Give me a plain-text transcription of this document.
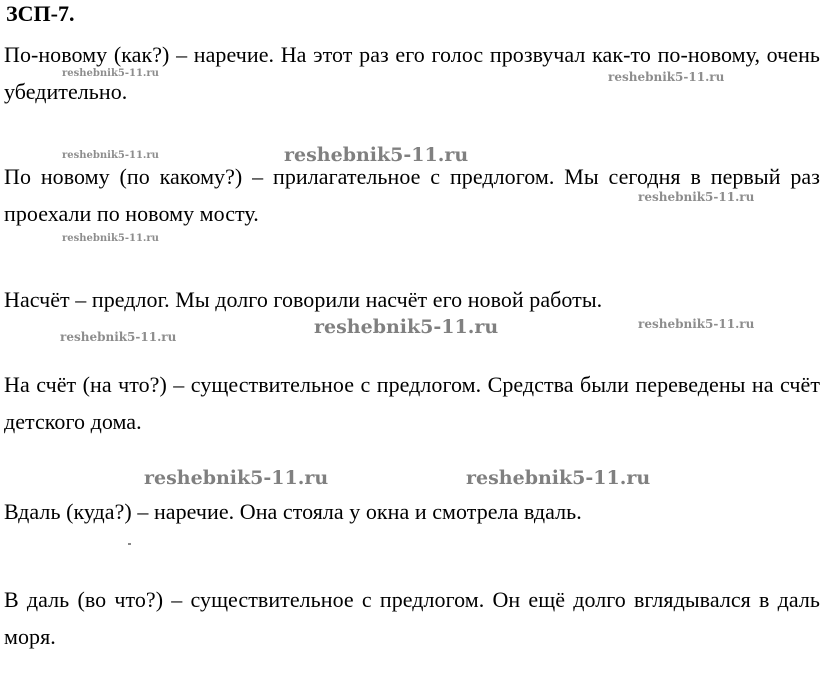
ЗСП-7.

По-новому (как?) – наречие. На этот раз его голос прозвучал как-то по-новому, очень убедительно.

По новому (по какому?) – прилагательное с предлогом. Мы сегодня в первый раз проехали по новому мосту.

Насчёт – предлог. Мы долго говорили насчёт его новой работы.

На счёт (на что?) – существительное с предлогом. Средства были переведены на счёт детского дома.

Вдаль (куда?) – наречие. Она стояла у окна и смотрела вдаль.

В даль (во что?) – существительное с предлогом. Он ещё долго вглядывался в даль моря.

reshebnik5-11.ru	reshebnik5-11.ru
reshebnik5-11.ru	reshebnik5-11.ru
reshebnik5-11.ru
reshebnik5-11.ru
reshebnik5-11.ru	reshebnik5-11.ru	reshebnik5-11.ru
reshebnik5-11.ru	reshebnik5-11.ru
